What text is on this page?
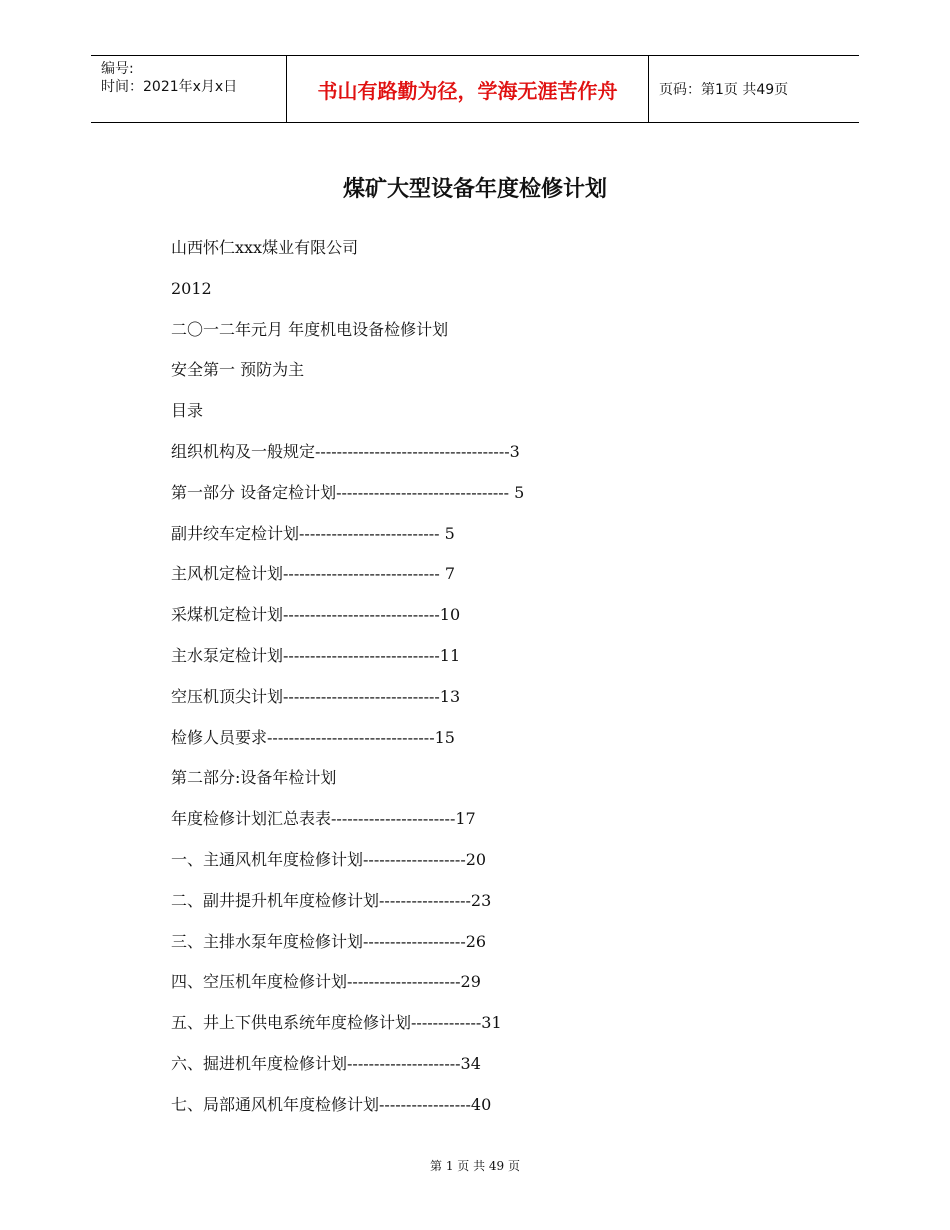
编号:
时间：2021年x月x日	书山有路勤为径，学海无涯苦作舟	页码：第1页 共49页
煤矿大型设备年度检修计划
山西怀仁xxx煤业有限公司
2012
二〇一二年元月 年度机电设备检修计划
安全第一 预防为主
目录
组织机构及一般规定------------------------------------3
第一部分 设备定检计划-------------------------------- 5
副井绞车定检计划-------------------------- 5
主风机定检计划----------------------------- 7
采煤机定检计划-----------------------------10
主水泵定检计划-----------------------------11
空压机顶尖计划-----------------------------13
检修人员要求-------------------------------15
第二部分:设备年检计划
年度检修计划汇总表表-----------------------17
一、主通风机年度检修计划-------------------20
二、副井提升机年度检修计划-----------------23
三、主排水泵年度检修计划-------------------26
四、空压机年度检修计划---------------------29
五、井上下供电系统年度检修计划-------------31
六、掘进机年度检修计划---------------------34
七、局部通风机年度检修计划-----------------40
第 1 页 共 49 页
